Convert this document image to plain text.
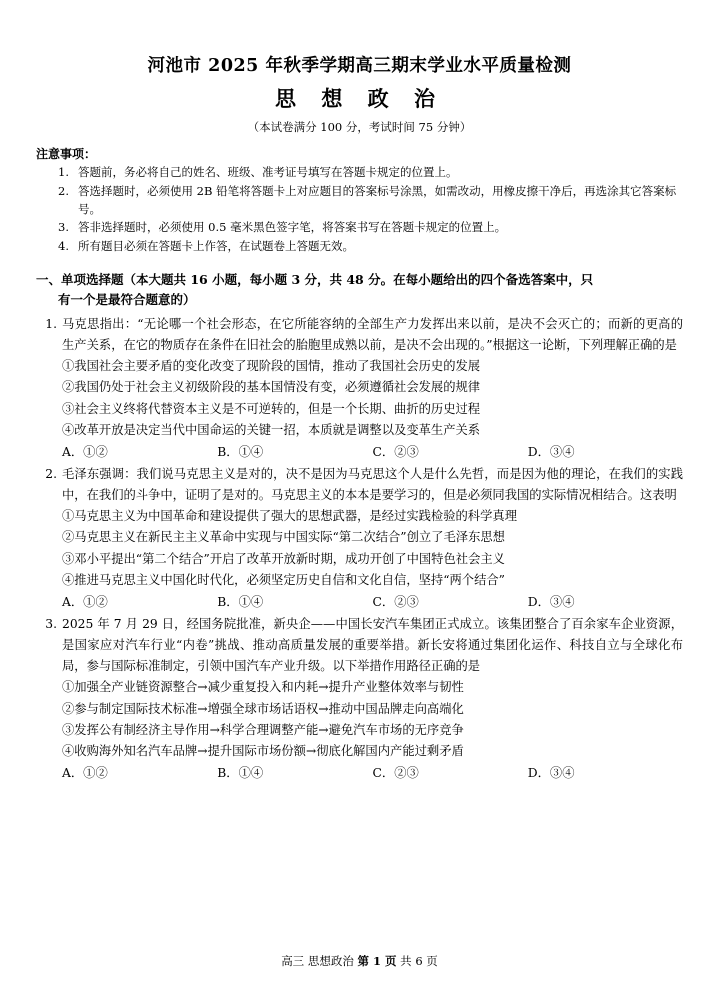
河池市 2025 年秋季学期高三期末学业水平质量检测
思 想 政 治
（本试卷满分 100 分，考试时间 75 分钟）
注意事项：
1. 答题前，务必将自己的姓名、班级、准考证号填写在答题卡规定的位置上。
2. 答选择题时，必须使用 2B 铅笔将答题卡上对应题目的答案标号涂黑，如需改动，用橡皮擦干净后，再选涂其它答案标号。
3. 答非选择题时，必须使用 0.5 毫米黑色签字笔，将答案书写在答题卡规定的位置上。
4. 所有题目必须在答题卡上作答，在试题卷上答题无效。
一、单项选择题（本大题共 16 小题，每小题 3 分，共 48 分。在每小题给出的四个备选答案中，只
有一个是最符合题意的）
1. 马克思指出：“无论哪一个社会形态，在它所能容纳的全部生产力发挥出来以前，是决不会灭亡的；而新的更高的生产关系，在它的物质存在条件在旧社会的胎胞里成熟以前，是决不会出现的。”根据这一论断，下列理解正确的是
①我国社会主要矛盾的变化改变了现阶段的国情，推动了我国社会历史的发展
②我国仍处于社会主义初级阶段的基本国情没有变，必须遵循社会发展的规律
③社会主义终将代替资本主义是不可逆转的，但是一个长期、曲折的历史过程
④改革开放是决定当代中国命运的关键一招，本质就是调整以及变革生产关系
A．①②	B．①④	C．②③	D．③④
2. 毛泽东强调：我们说马克思主义是对的，决不是因为马克思这个人是什么先哲，而是因为他的理论，在我们的实践中，在我们的斗争中，证明了是对的。马克思主义的本本是要学习的，但是必须同我国的实际情况相结合。这表明
①马克思主义为中国革命和建设提供了强大的思想武器，是经过实践检验的科学真理
②马克思主义在新民主主义革命中实现与中国实际“第二次结合”创立了毛泽东思想
③邓小平提出“第二个结合”开启了改革开放新时期，成功开创了中国特色社会主义
④推进马克思主义中国化时代化，必须坚定历史自信和文化自信，坚持“两个结合”
A．①②	B．①④	C．②③	D．③④
3. 2025 年 7 月 29 日，经国务院批准，新央企——中国长安汽车集团正式成立。该集团整合了百余家车企业资源，是国家应对汽车行业“内卷”挑战、推动高质量发展的重要举措。新长安将通过集团化运作、科技自立与全球化布局，参与国际标准制定，引领中国汽车产业升级。以下举措作用路径正确的是
①加强全产业链资源整合→减少重复投入和内耗→提升产业整体效率与韧性
②参与制定国际技术标准→增强全球市场话语权→推动中国品牌走向高端化
③发挥公有制经济主导作用→科学合理调整产能→避免汽车市场的无序竞争
④收购海外知名汽车品牌→提升国际市场份额→彻底化解国内产能过剩矛盾
A．①②	B．①④	C．②③	D．③④
高三 思想政治 第 1 页 共 6 页
